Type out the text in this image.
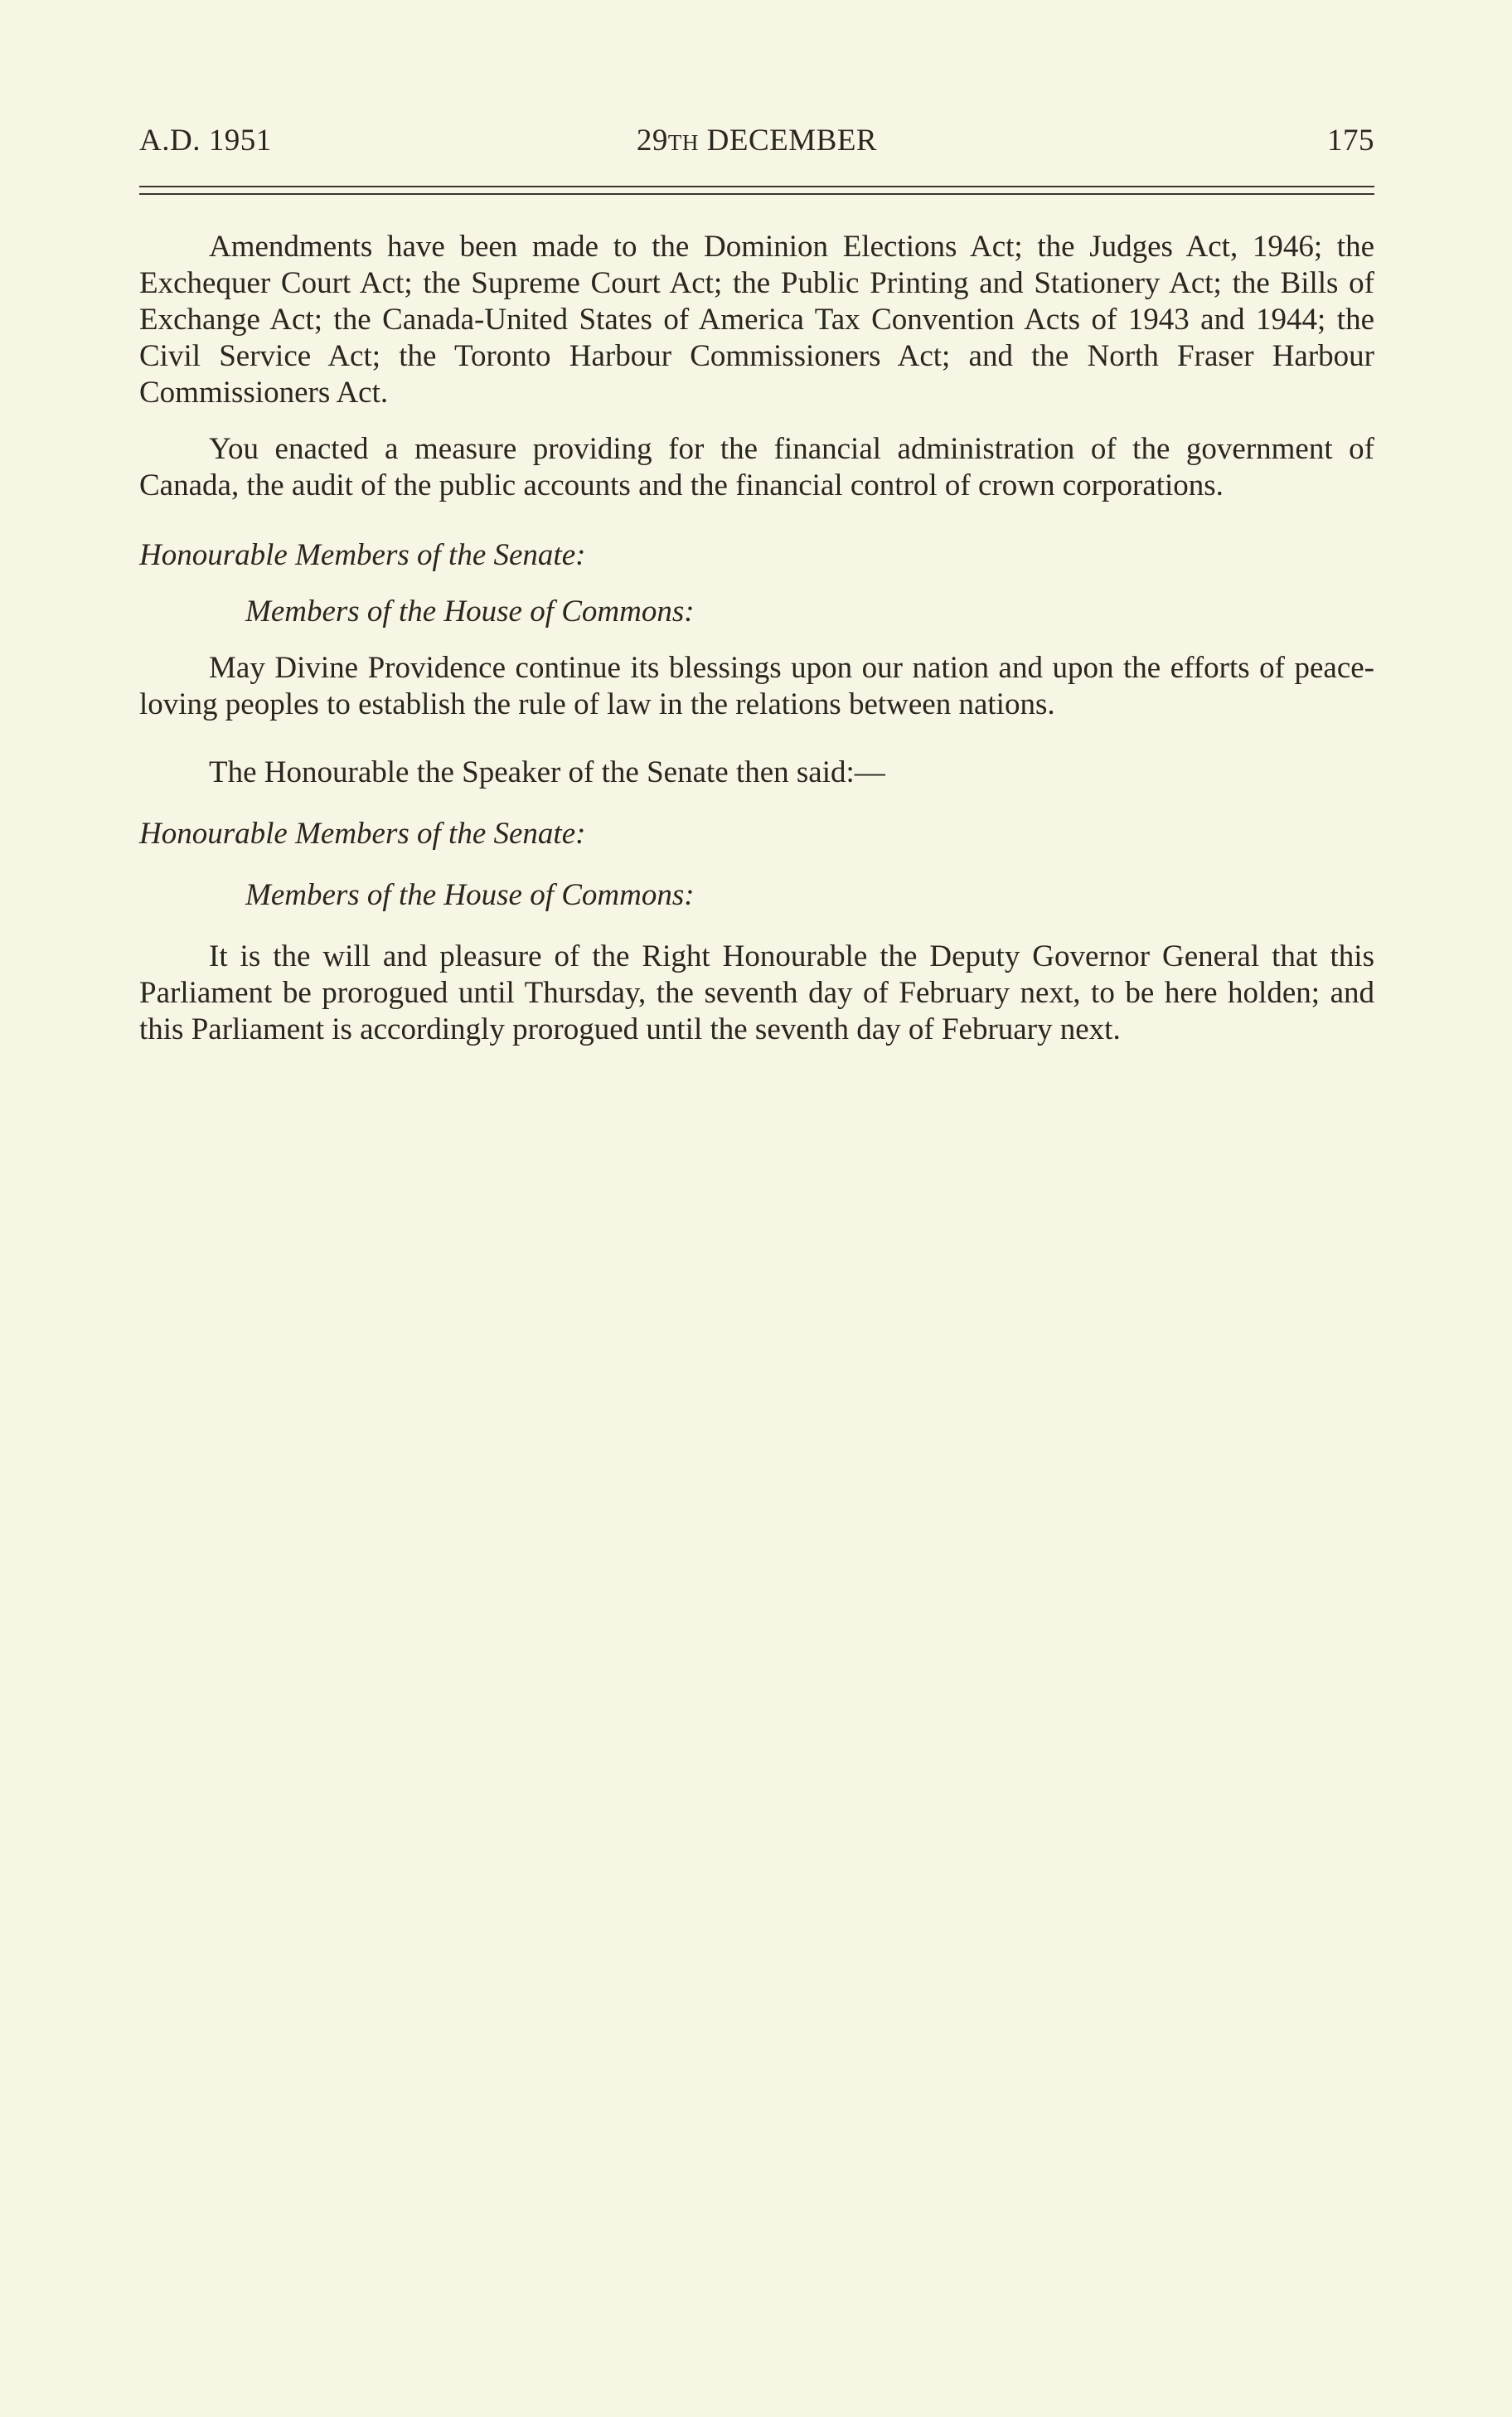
A.D. 1951	29TH DECEMBER	175

Amendments have been made to the Dominion Elections Act; the Judges Act, 1946; the Exchequer Court Act; the Supreme Court Act; the Public Printing and Stationery Act; the Bills of Exchange Act; the Canada-United States of America Tax Convention Acts of 1943 and 1944; the Civil Service Act; the Toronto Harbour Commissioners Act; and the North Fraser Harbour Commissioners Act.

You enacted a measure providing for the financial administration of the government of Canada, the audit of the public accounts and the financial control of crown corporations.

Honourable Members of the Senate:

Members of the House of Commons:

May Divine Providence continue its blessings upon our nation and upon the efforts of peace-loving peoples to establish the rule of law in the relations between nations.

The Honourable the Speaker of the Senate then said:—

Honourable Members of the Senate:

Members of the House of Commons:

It is the will and pleasure of the Right Honourable the Deputy Governor General that this Parliament be prorogued until Thursday, the seventh day of February next, to be here holden; and this Parliament is accordingly prorogued until the seventh day of February next.
